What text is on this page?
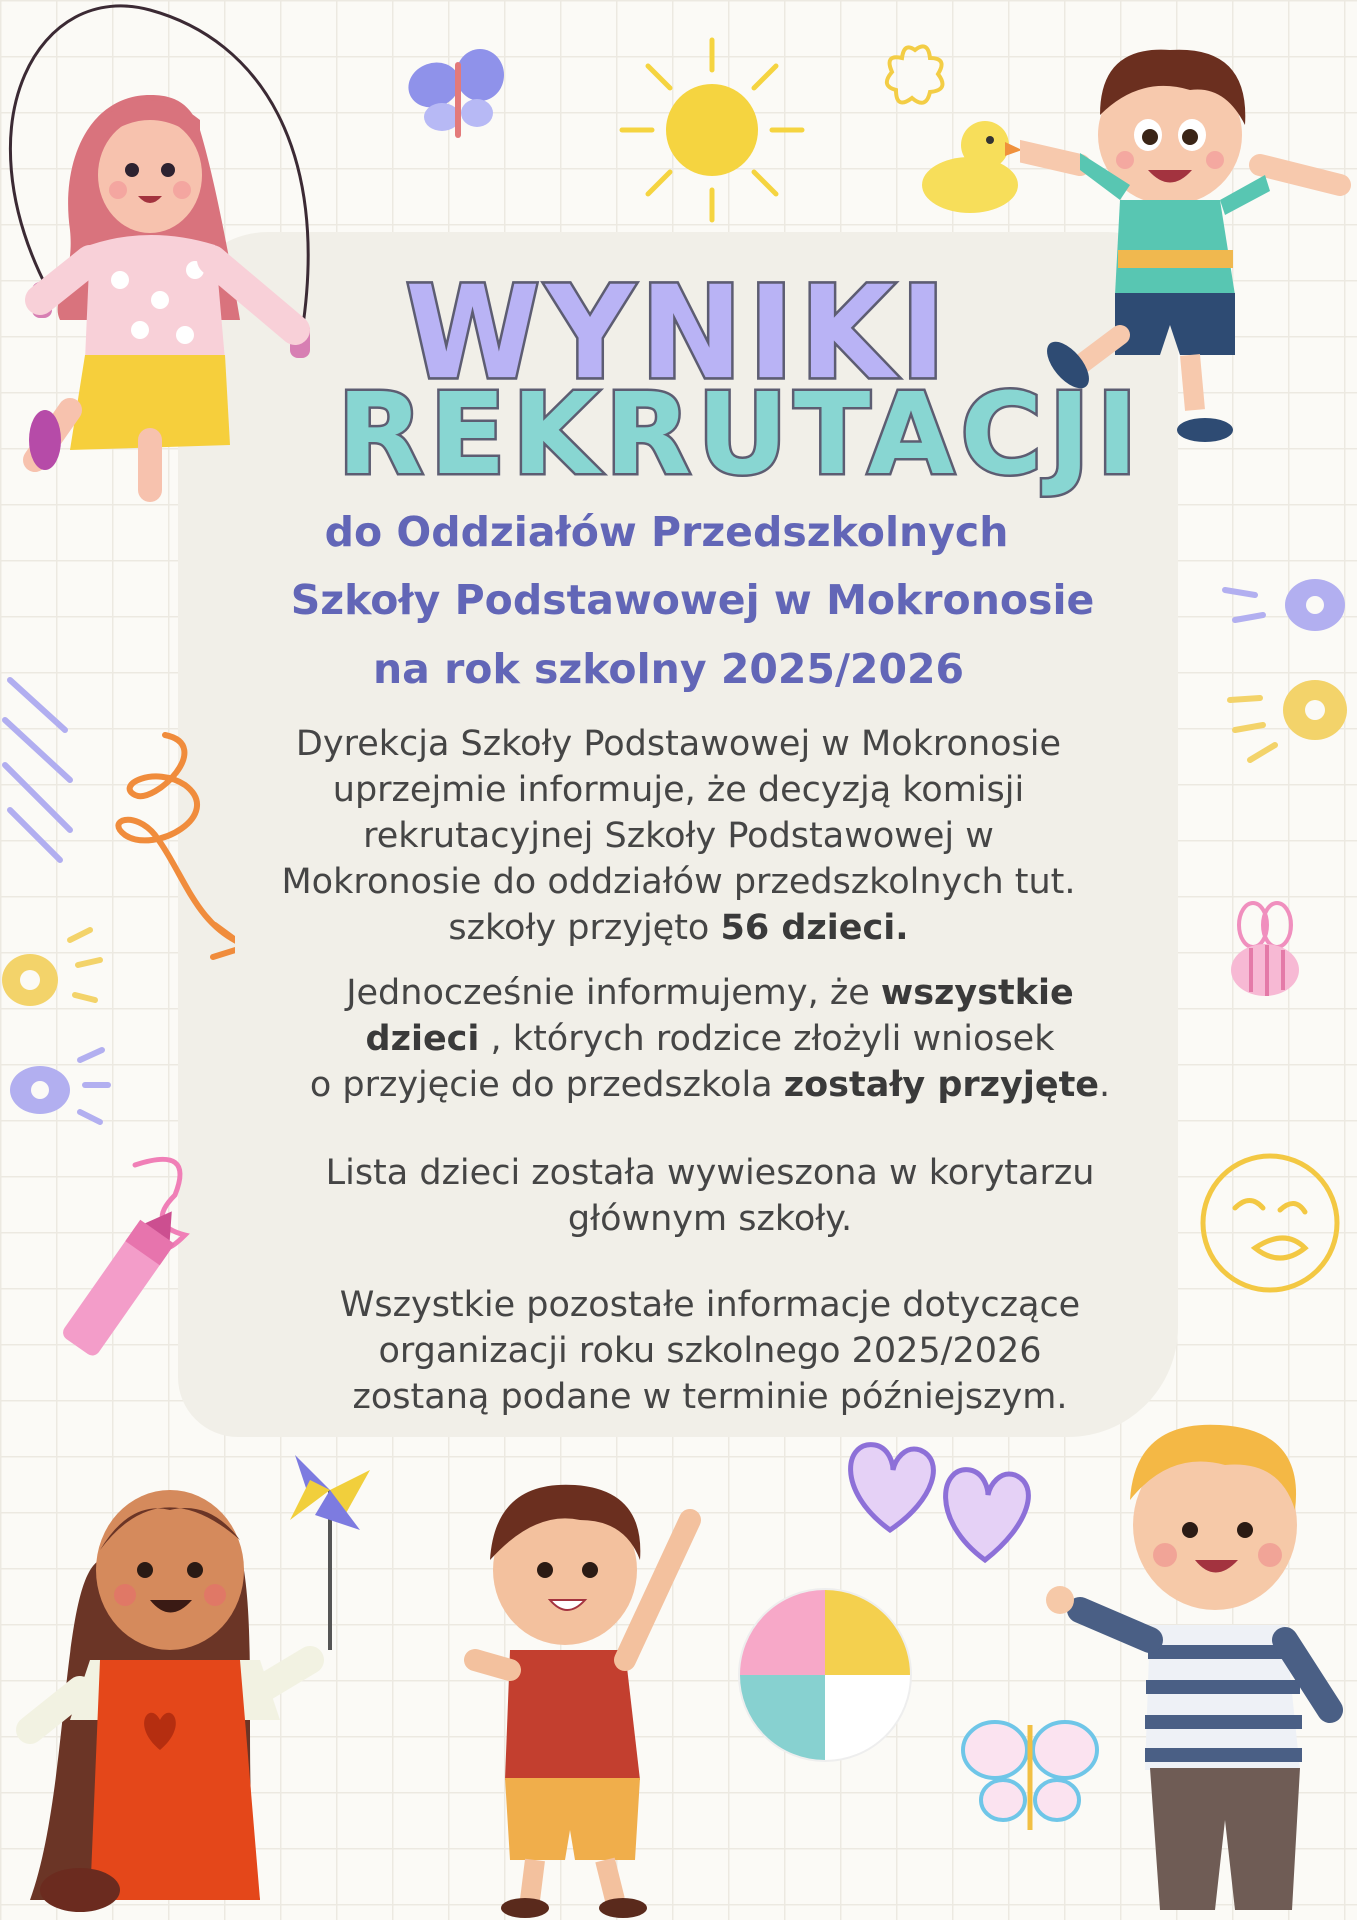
WYNIKI
REKRUTACJI
do Oddziałów Przedszkolnych
Szkoły Podstawowej w Mokronosie
na rok szkolny 2025/2026

Dyrekcja Szkoły Podstawowej w Mokronosie

uprzejmie informuje, że decyzją komisji

rekrutacyjnej Szkoły Podstawowej w

Mokronosie do oddziałów przedszkolnych tut.

szkoły przyjęto 56 dzieci.

Jednocześnie informujemy, że wszystkie

dzieci , których rodzice złożyli wniosek

o przyjęcie do przedszkola zostały przyjęte.

Lista dzieci została wywieszona w korytarzu

głównym szkoły.

Wszystkie pozostałe informacje dotyczące

organizacji roku szkolnego 2025/2026

zostaną podane w terminie późniejszym.
